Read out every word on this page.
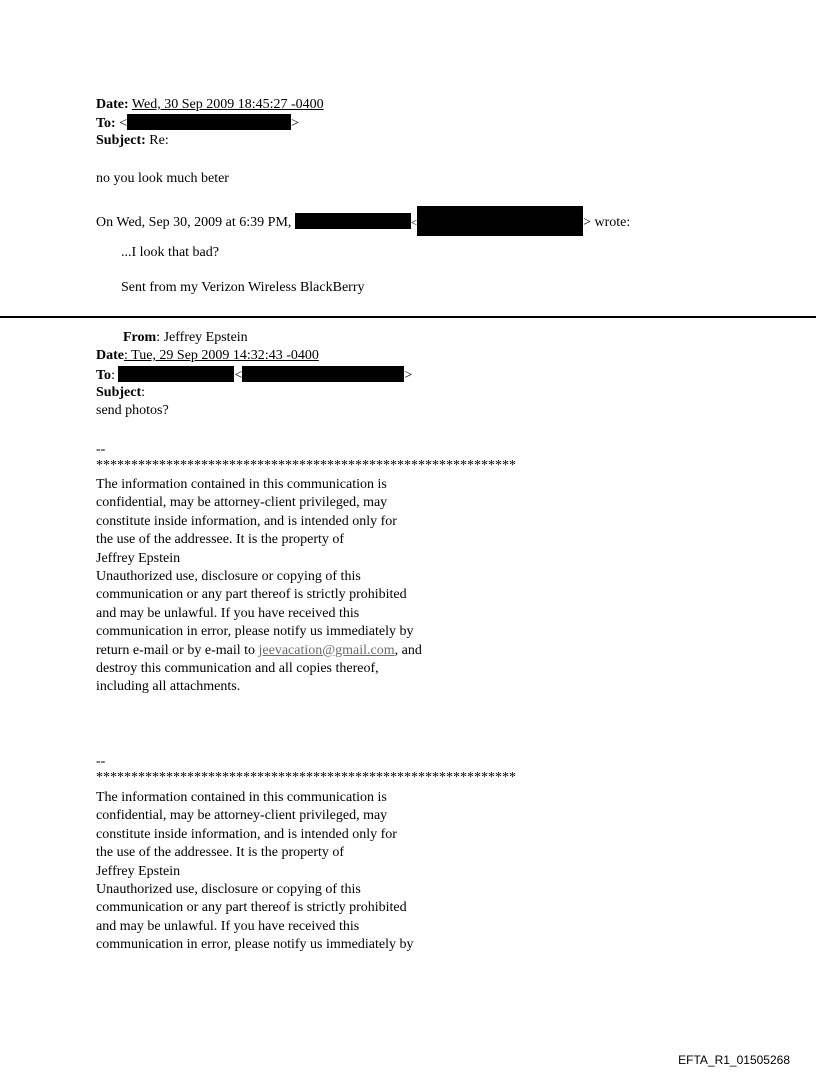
Date: Wed, 30 Sep 2009 18:45:27 -0400
To: <	>
Subject: Re:
no you look much beter
On Wed, Sep 30, 2009 at 6:39 PM,	<	> wrote:
...I look that bad?
Sent from my Verizon Wireless BlackBerry
From: Jeffrey Epstein
Date: Tue, 29 Sep 2009 14:32:43 -0400
To:	<	>
Subject:
send photos?
--
************************************************************
The information contained in this communication is
confidential, may be attorney-client privileged, may
constitute inside information, and is intended only for
the use of the addressee. It is the property of
Jeffrey Epstein
Unauthorized use, disclosure or copying of this
communication or any part thereof is strictly prohibited
and may be unlawful. If you have received this
communication in error, please notify us immediately by
return e-mail or by e-mail to jeevacation@gmail.com, and
destroy this communication and all copies thereof,
including all attachments.
--
************************************************************
The information contained in this communication is
confidential, may be attorney-client privileged, may
constitute inside information, and is intended only for
the use of the addressee. It is the property of
Jeffrey Epstein
Unauthorized use, disclosure or copying of this
communication or any part thereof is strictly prohibited
and may be unlawful. If you have received this
communication in error, please notify us immediately by
EFTA_R1_01505268
